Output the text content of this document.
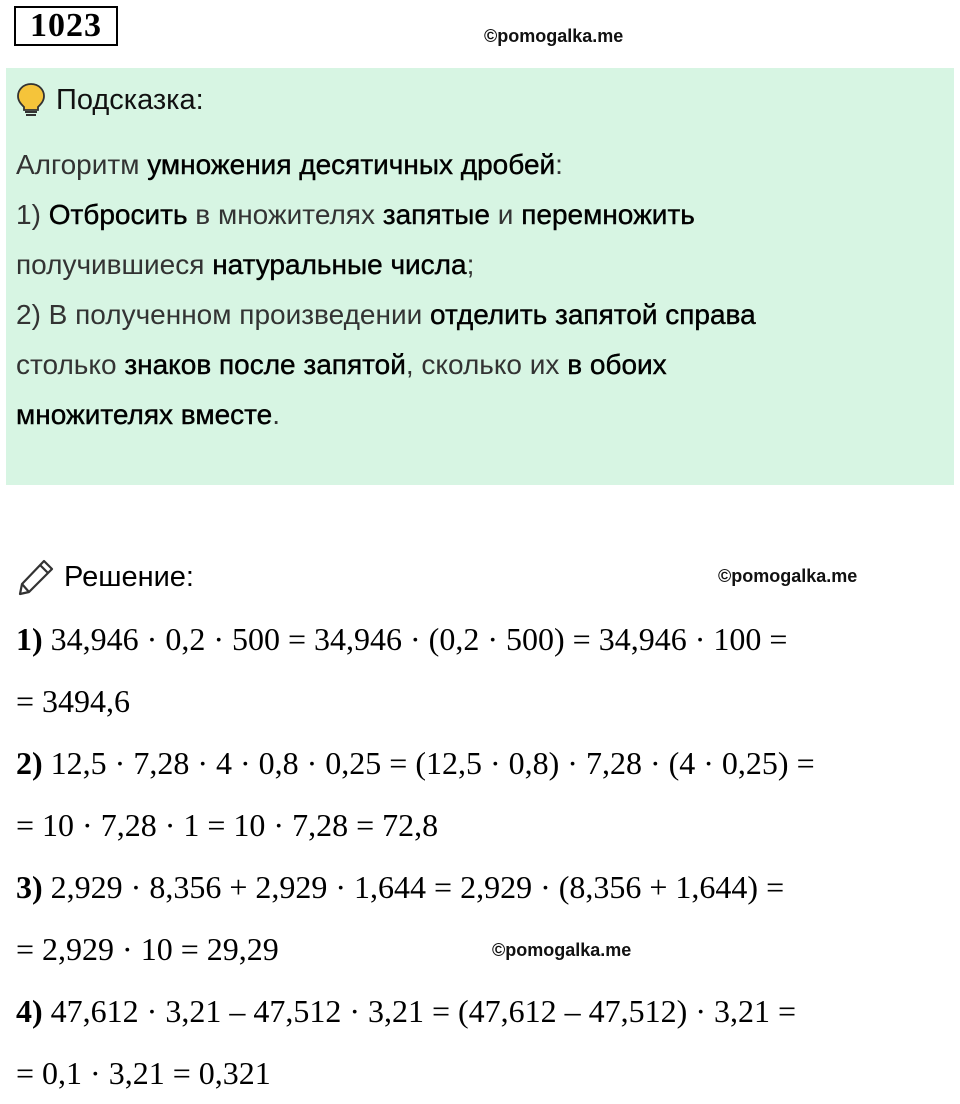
1023	©pomogalka.me
Подсказка:
Алгоритм умножения десятичных дробей:
1) Отбросить в множителях запятые и перемножить
получившиеся натуральные числа;
2) В полученном произведении отделить запятой справа
столько знаков после запятой, сколько их в обоих
множителях вместе.
Решение:	©pomogalka.me
1) 34,946 · 0,2 · 500 = 34,946 · (0,2 · 500) = 34,946 · 100 =
= 3494,6
2) 12,5 · 7,28 · 4 · 0,8 · 0,25 = (12,5 · 0,8) · 7,28 · (4 · 0,25) =
= 10 · 7,28 · 1 = 10 · 7,28 = 72,8
3) 2,929 · 8,356 + 2,929 · 1,644 = 2,929 · (8,356 + 1,644) =
= 2,929 · 10 = 29,29
4) 47,612 · 3,21 – 47,512 · 3,21 = (47,612 – 47,512) · 3,21 =
= 0,1 · 3,21 = 0,321
©pomogalka.me
